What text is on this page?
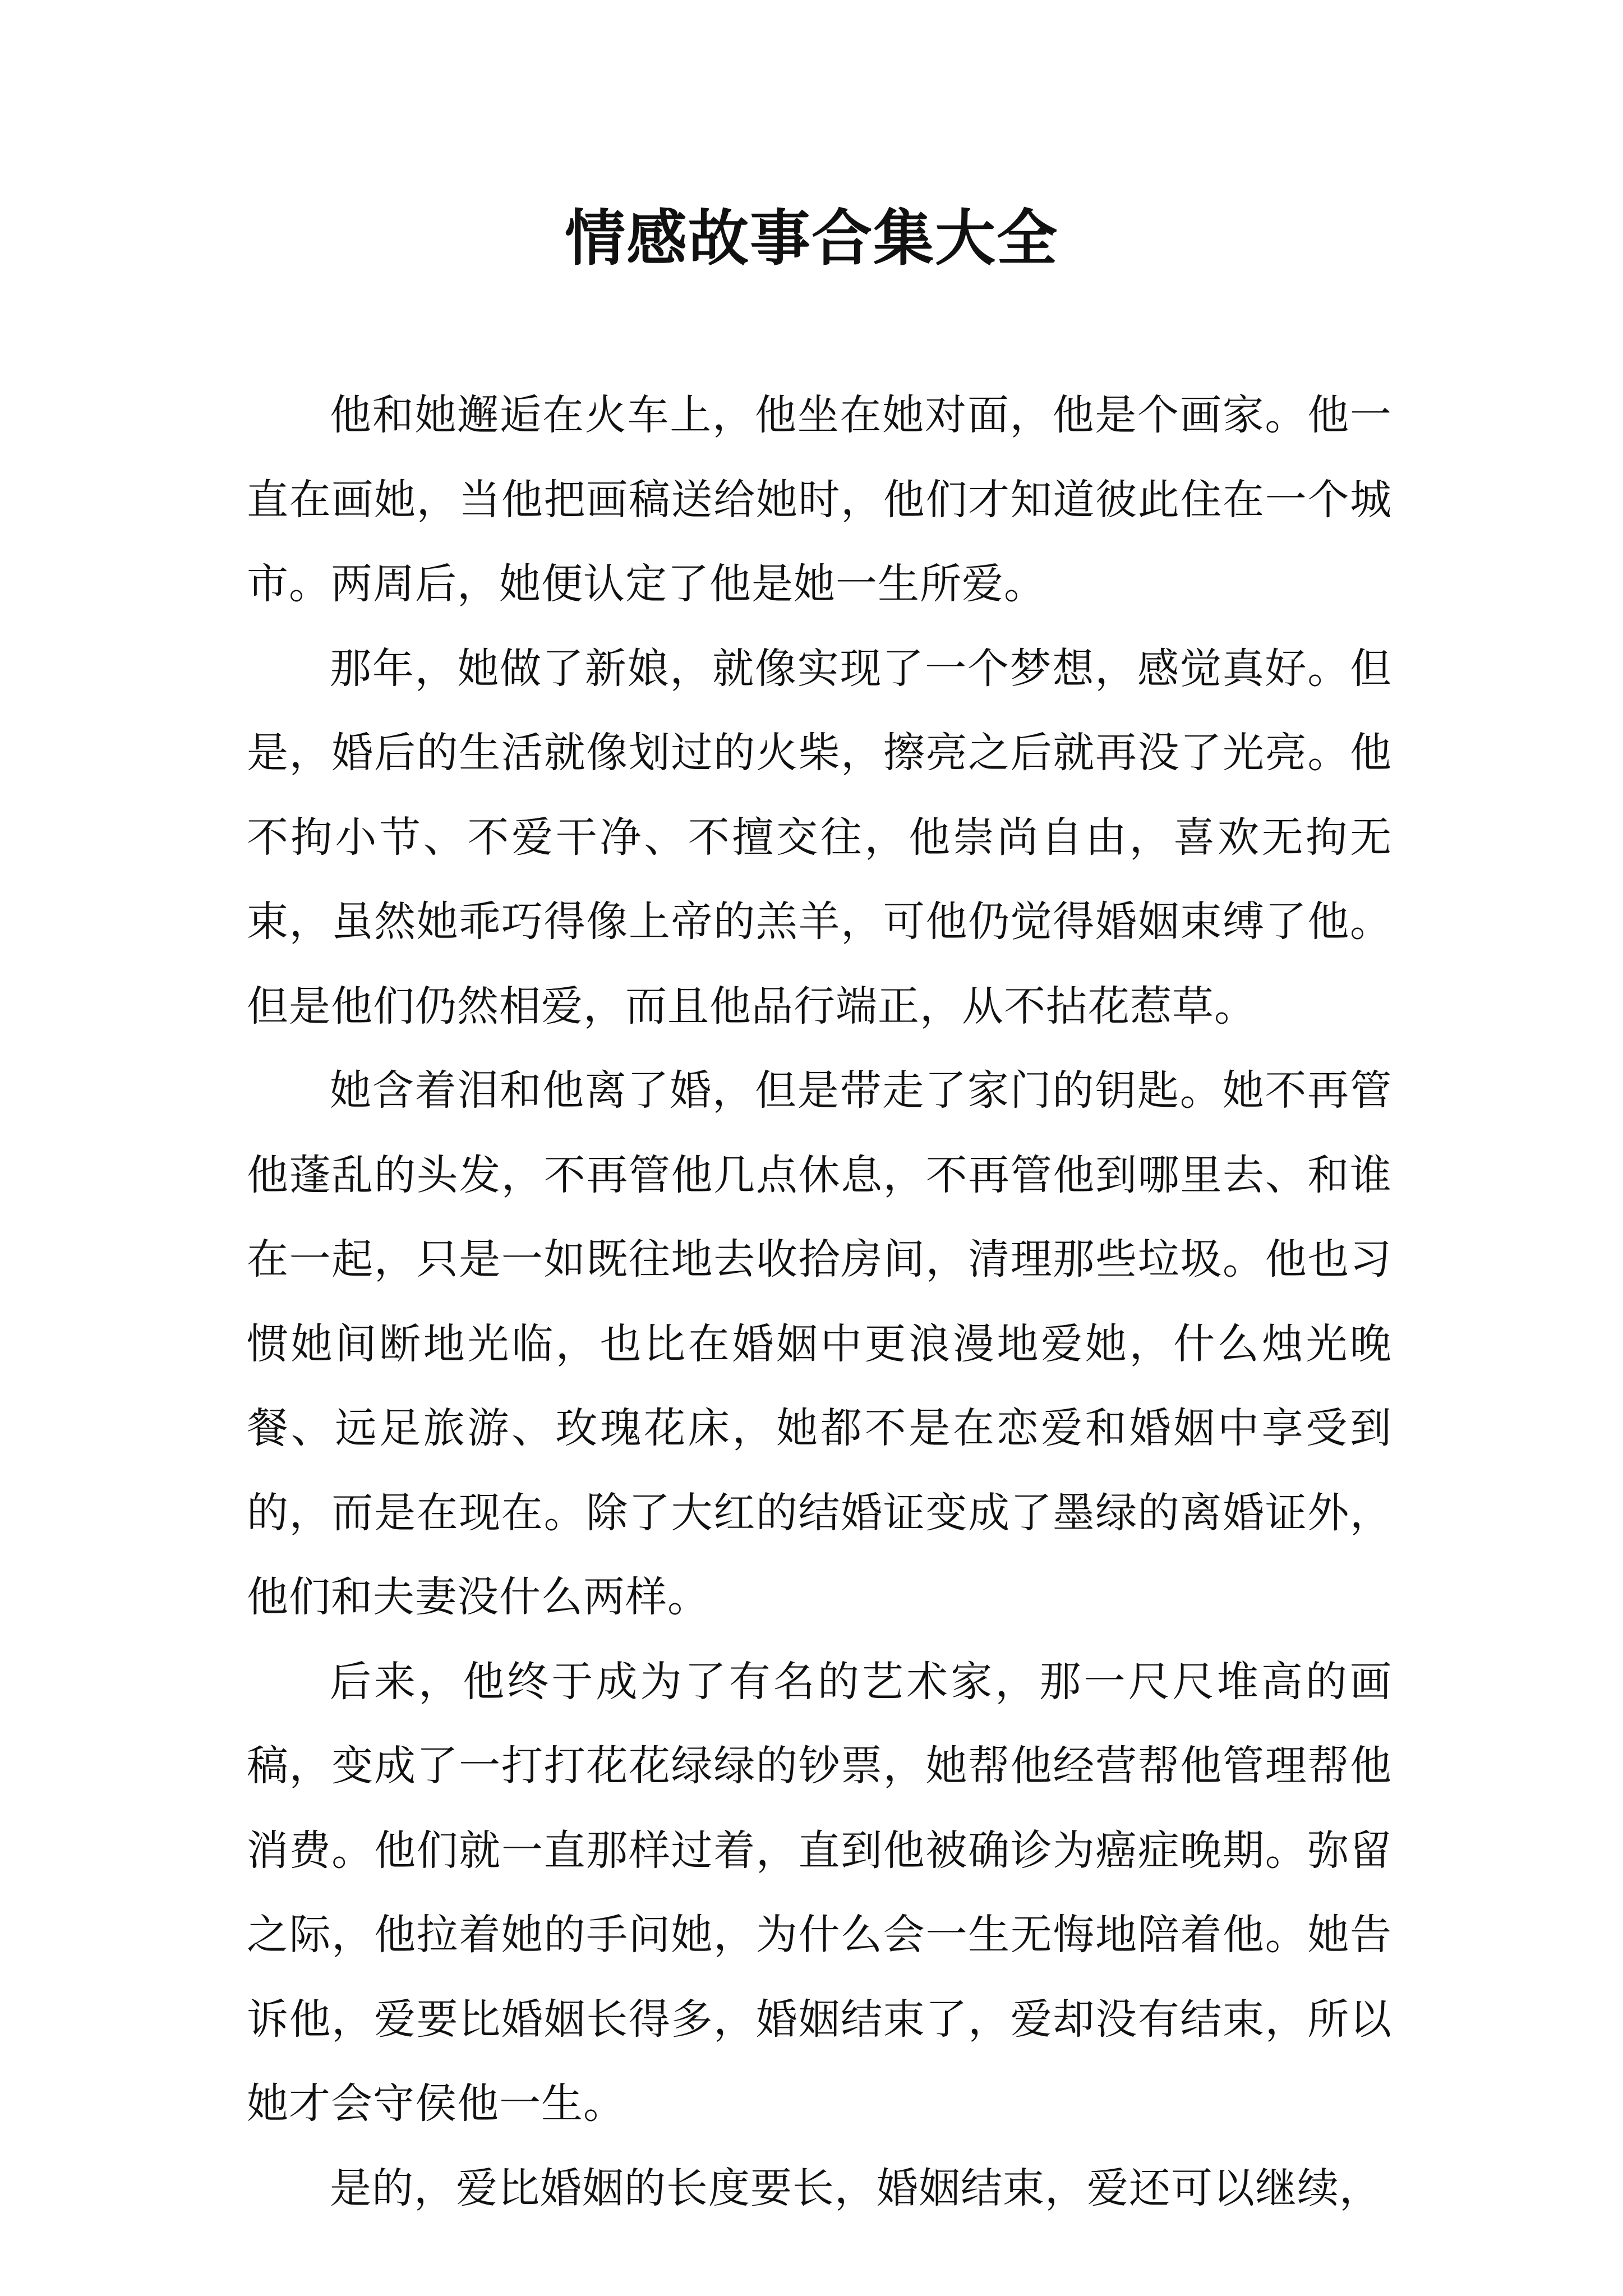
情感故事合集大全

他和她邂逅在火车上，他坐在她对面，他是个画家。他一直在画她，当他把画稿送给她时，他们才知道彼此住在一个城市。两周后，她便认定了他是她一生所爱。

那年，她做了新娘，就像实现了一个梦想，感觉真好。但是，婚后的生活就像划过的火柴，擦亮之后就再没了光亮。他不拘小节、不爱干净、不擅交往，他崇尚自由，喜欢无拘无束，虽然她乖巧得像上帝的羔羊，可他仍觉得婚姻束缚了他。但是他们仍然相爱，而且他品行端正，从不拈花惹草。

她含着泪和他离了婚，但是带走了家门的钥匙。她不再管他蓬乱的头发，不再管他几点休息，不再管他到哪里去、和谁在一起，只是一如既往地去收拾房间，清理那些垃圾。他也习惯她间断地光临，也比在婚姻中更浪漫地爱她，什么烛光晚餐、远足旅游、玫瑰花床，她都不是在恋爱和婚姻中享受到的，而是在现在。除了大红的结婚证变成了墨绿的离婚证外，他们和夫妻没什么两样。

后来，他终于成为了有名的艺术家，那一尺尺堆高的画稿，变成了一打打花花绿绿的钞票，她帮他经营帮他管理帮他消费。他们就一直那样过着，直到他被确诊为癌症晚期。弥留之际，他拉着她的手问她，为什么会一生无悔地陪着他。她告诉他，爱要比婚姻长得多，婚姻结束了，爱却没有结束，所以她才会守侯他一生。

是的，爱比婚姻的长度要长，婚姻结束，爱还可以继续，
